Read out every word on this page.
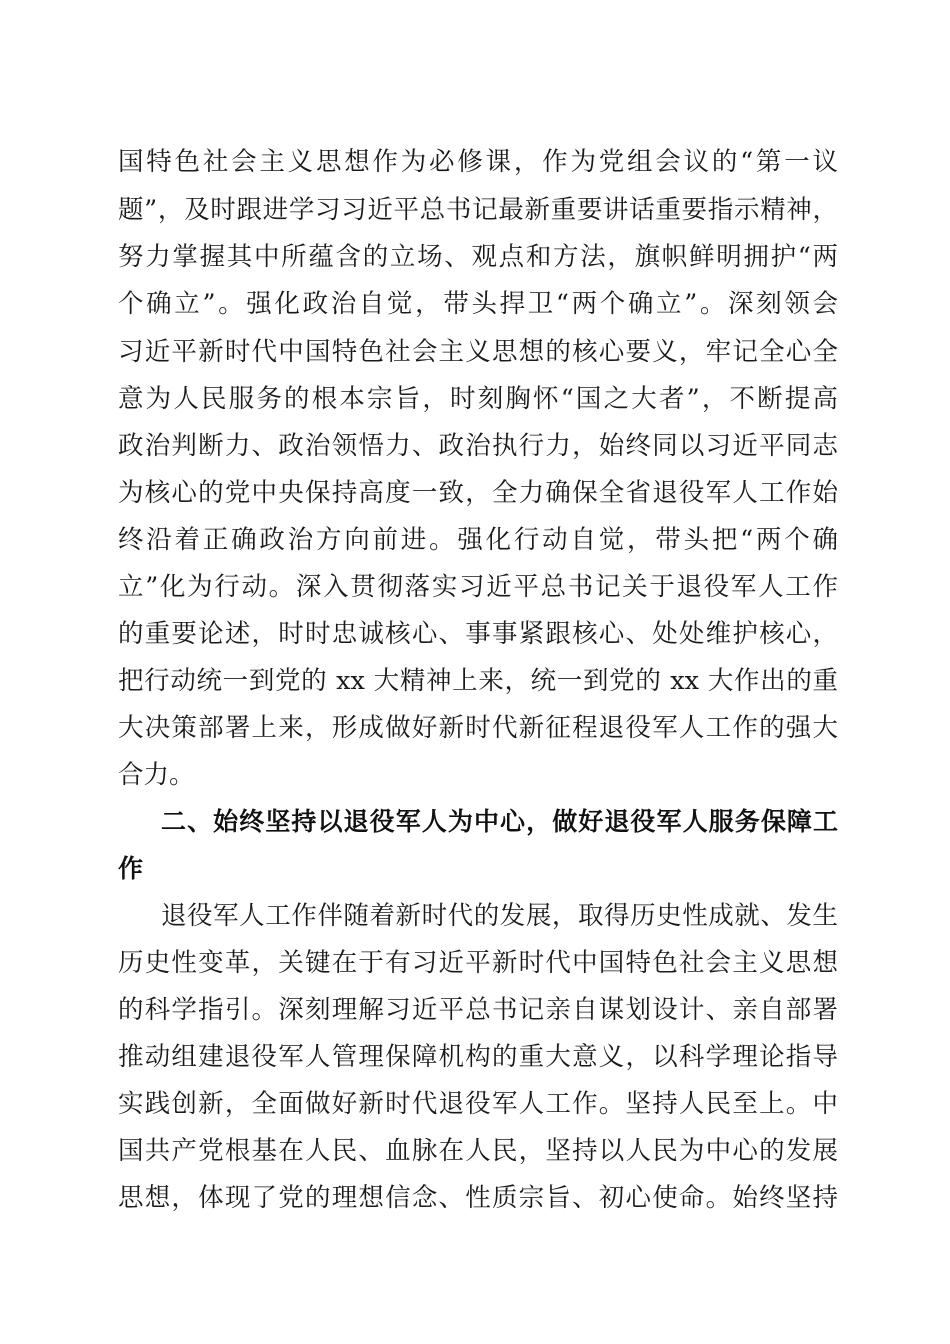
国特色社会主义思想作为必修课，作为党组会议的“第一议
题”，及时跟进学习习近平总书记最新重要讲话重要指示精神，
努力掌握其中所蕴含的立场、观点和方法，旗帜鲜明拥护“两
个确立”。强化政治自觉，带头捍卫“两个确立”。深刻领会
习近平新时代中国特色社会主义思想的核心要义，牢记全心全
意为人民服务的根本宗旨，时刻胸怀“国之大者”，不断提高
政治判断力、政治领悟力、政治执行力，始终同以习近平同志
为核心的党中央保持高度一致，全力确保全省退役军人工作始
终沿着正确政治方向前进。强化行动自觉，带头把“两个确
立”化为行动。深入贯彻落实习近平总书记关于退役军人工作
的重要论述，时时忠诚核心、事事紧跟核心、处处维护核心，
把行动统一到党的 xx 大精神上来，统一到党的 xx 大作出的重
大决策部署上来，形成做好新时代新征程退役军人工作的强大
合力。
二、始终坚持以退役军人为中心，做好退役军人服务保障工
作
退役军人工作伴随着新时代的发展，取得历史性成就、发生
历史性变革，关键在于有习近平新时代中国特色社会主义思想
的科学指引。深刻理解习近平总书记亲自谋划设计、亲自部署
推动组建退役军人管理保障机构的重大意义，以科学理论指导
实践创新，全面做好新时代退役军人工作。坚持人民至上。中
国共产党根基在人民、血脉在人民，坚持以人民为中心的发展
思想，体现了党的理想信念、性质宗旨、初心使命。始终坚持
